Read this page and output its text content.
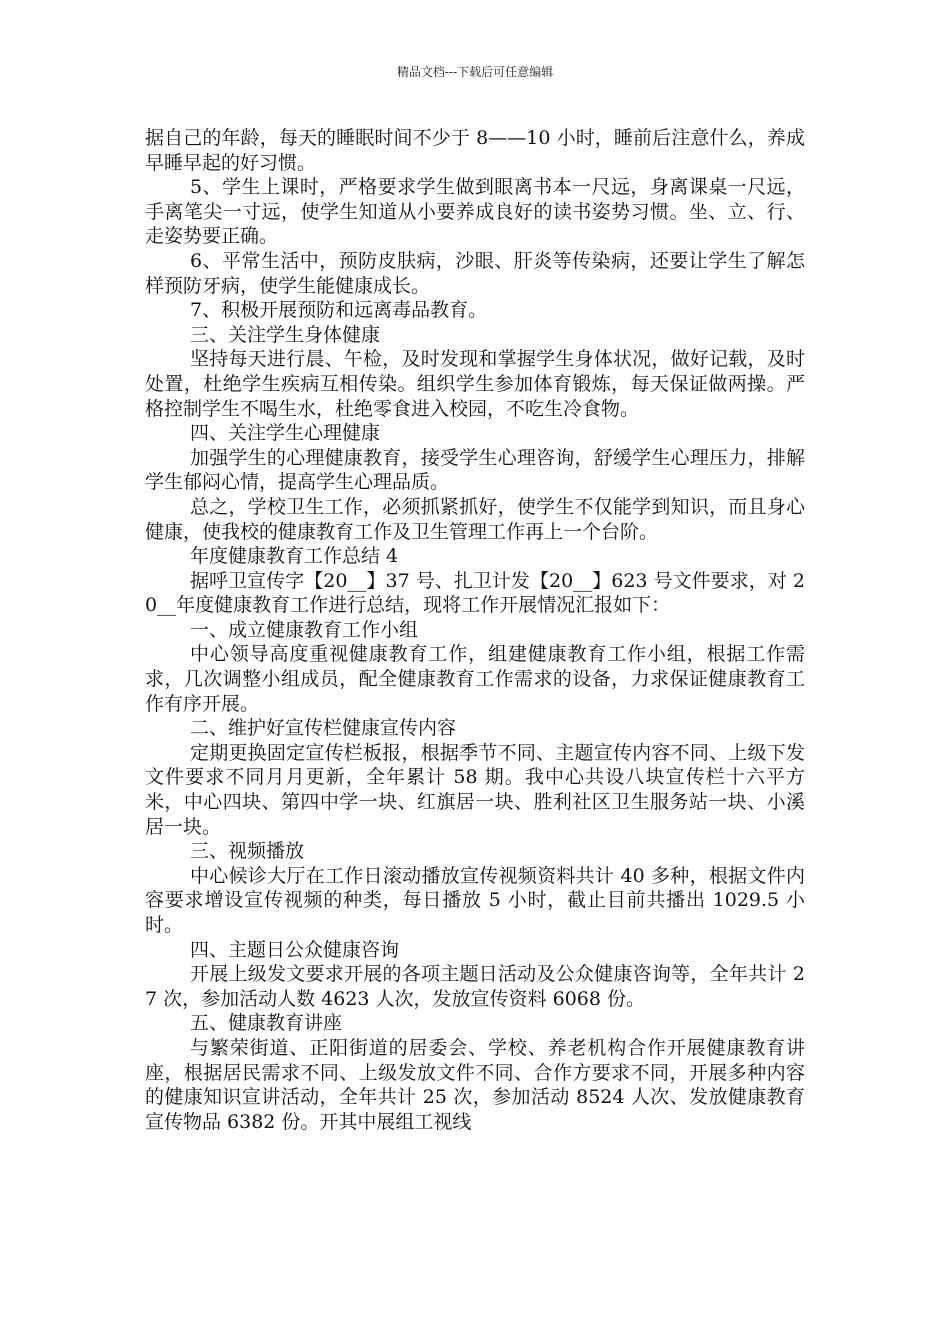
精品文档---下载后可任意编辑

据自己的年龄，每天的睡眠时间不少于 8——10 小时，睡前后注意什么，养成早睡早起的好习惯。

5、学生上课时，严格要求学生做到眼离书本一尺远，身离课桌一尺远，手离笔尖一寸远，使学生知道从小要养成良好的读书姿势习惯。坐、立、行、走姿势要正确。

6、平常生活中，预防皮肤病，沙眼、肝炎等传染病，还要让学生了解怎样预防牙病，使学生能健康成长。

7、积极开展预防和远离毒品教育。

三、关注学生身体健康

坚持每天进行晨、午检，及时发现和掌握学生身体状况，做好记载，及时处置，杜绝学生疾病互相传染。组织学生参加体育锻炼，每天保证做两操。严格控制学生不喝生水，杜绝零食进入校园，不吃生冷食物。

四、关注学生心理健康

加强学生的心理健康教育，接受学生心理咨询，舒缓学生心理压力，排解学生郁闷心情，提高学生心理品质。

总之，学校卫生工作，必须抓紧抓好，使学生不仅能学到知识，而且身心健康，使我校的健康教育工作及卫生管理工作再上一个台阶。

年度健康教育工作总结 4

据呼卫宣传字【20__】37 号、扎卫计发【20__】623 号文件要求，对 20__年度健康教育工作进行总结，现将工作开展情况汇报如下：

一、成立健康教育工作小组

中心领导高度重视健康教育工作，组建健康教育工作小组，根据工作需求，几次调整小组成员，配全健康教育工作需求的设备，力求保证健康教育工作有序开展。

二、维护好宣传栏健康宣传内容

定期更换固定宣传栏板报，根据季节不同、主题宣传内容不同、上级下发文件要求不同月月更新，全年累计 58 期。我中心共设八块宣传栏十六平方米，中心四块、第四中学一块、红旗居一块、胜利社区卫生服务站一块、小溪居一块。

三、视频播放

中心候诊大厅在工作日滚动播放宣传视频资料共计 40 多种，根据文件内容要求增设宣传视频的种类，每日播放 5 小时，截止目前共播出 1029.5 小时。

四、主题日公众健康咨询

开展上级发文要求开展的各项主题日活动及公众健康咨询等，全年共计 27 次，参加活动人数 4623 人次，发放宣传资料 6068 份。

五、健康教育讲座

与繁荣街道、正阳街道的居委会、学校、养老机构合作开展健康教育讲座，根据居民需求不同、上级发放文件不同、合作方要求不同，开展多种内容的健康知识宣讲活动，全年共计 25 次，参加活动 8524 人次、发放健康教育宣传物品 6382 份。开其中展组工视线
